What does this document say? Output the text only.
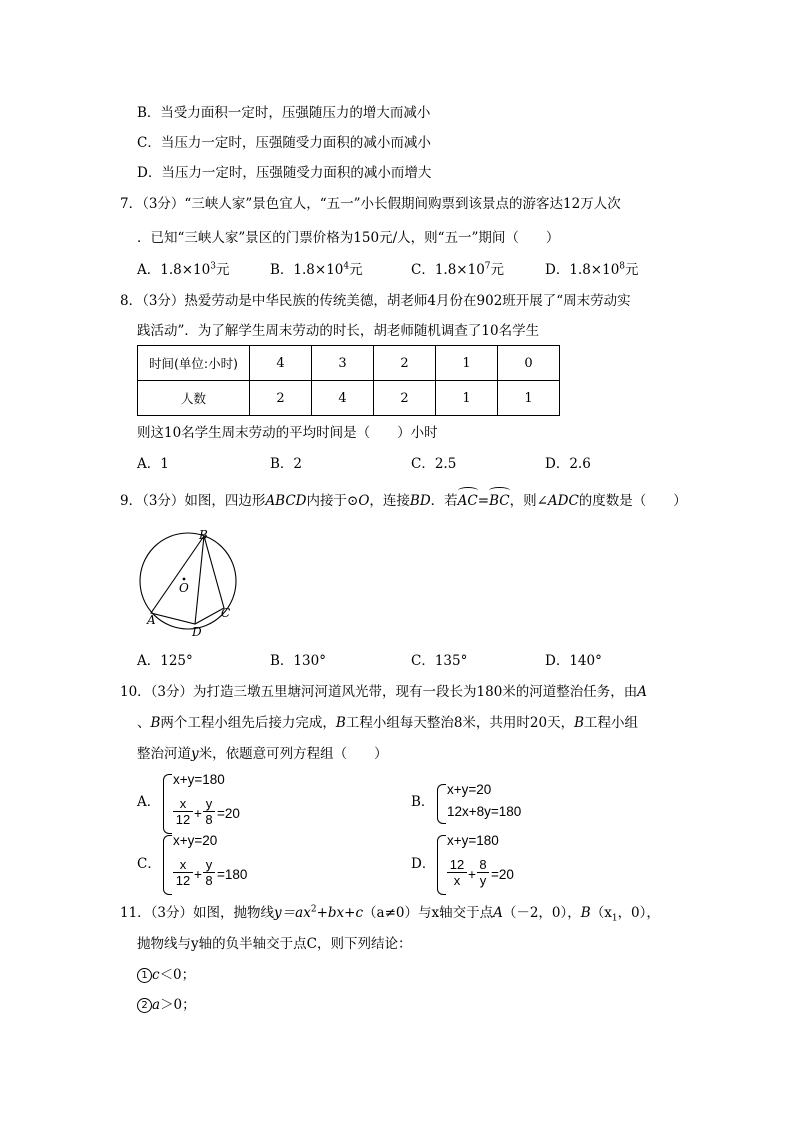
B．当受力面积一定时，压强随压力的增大而减小
C．当压力一定时，压强随受力面积的减小而减小
D．当压力一定时，压强随受力面积的减小而增大
7．（3分）“三峡人家”景色宜人，“五一”小长假期间购票到该景点的游客达12万人次
．已知“三峡人家”景区的门票价格为150元/人，则“五一”期间（　　）
A．$1.8\times 10^3$元	B．$1.8\times 10^4$元	C．$1.8\times 10^7$元	D．$1.8\times 10^8$元
8．（3分）热爱劳动是中华民族的传统美德，胡老师4月份在902班开展了“周末劳动实
践活动”．为了解学生周末劳动的时长，胡老师随机调查了10名学生
时间(单位:小时)	4	3	2	1	0
人数	2	4	2	1	1
则这10名学生周末劳动的平均时间是（　　）小时
A．1	B．2	C．2.5	D．2.6
9．（3分）如图，四边形ABCD内接于⊙O，连接BD．若AC=BC，则∠ADC的度数是（　　）
B
O
A
D
C
A．125°	B．130°	C．135°	D．140°
10．（3分）为打造三墩五里塘河河道风光带，现有一段长为180米的河道整治任务，由A
、B两个工程小组先后接力完成，B工程小组每天整治8米，共用时20天，B工程小组
整治河道y米，依题意可列方程组（　　）
A．
x+y=180
x
12 +
y
8 =20
B．
x+y=20
12x+8y=180
C．
x+y=20
x
12 +
y
8 =180
D．
x+y=180
12
x +
8
y =20
11．（3分）如图，抛物线$y=ax^2+bx+c(a\ne 0)$与x轴交于点A（－2，0），$B(x_1$，0），
抛物线与y轴的负半轴交于点C，则下列结论：
1 c＜0；
2 a＞0；
